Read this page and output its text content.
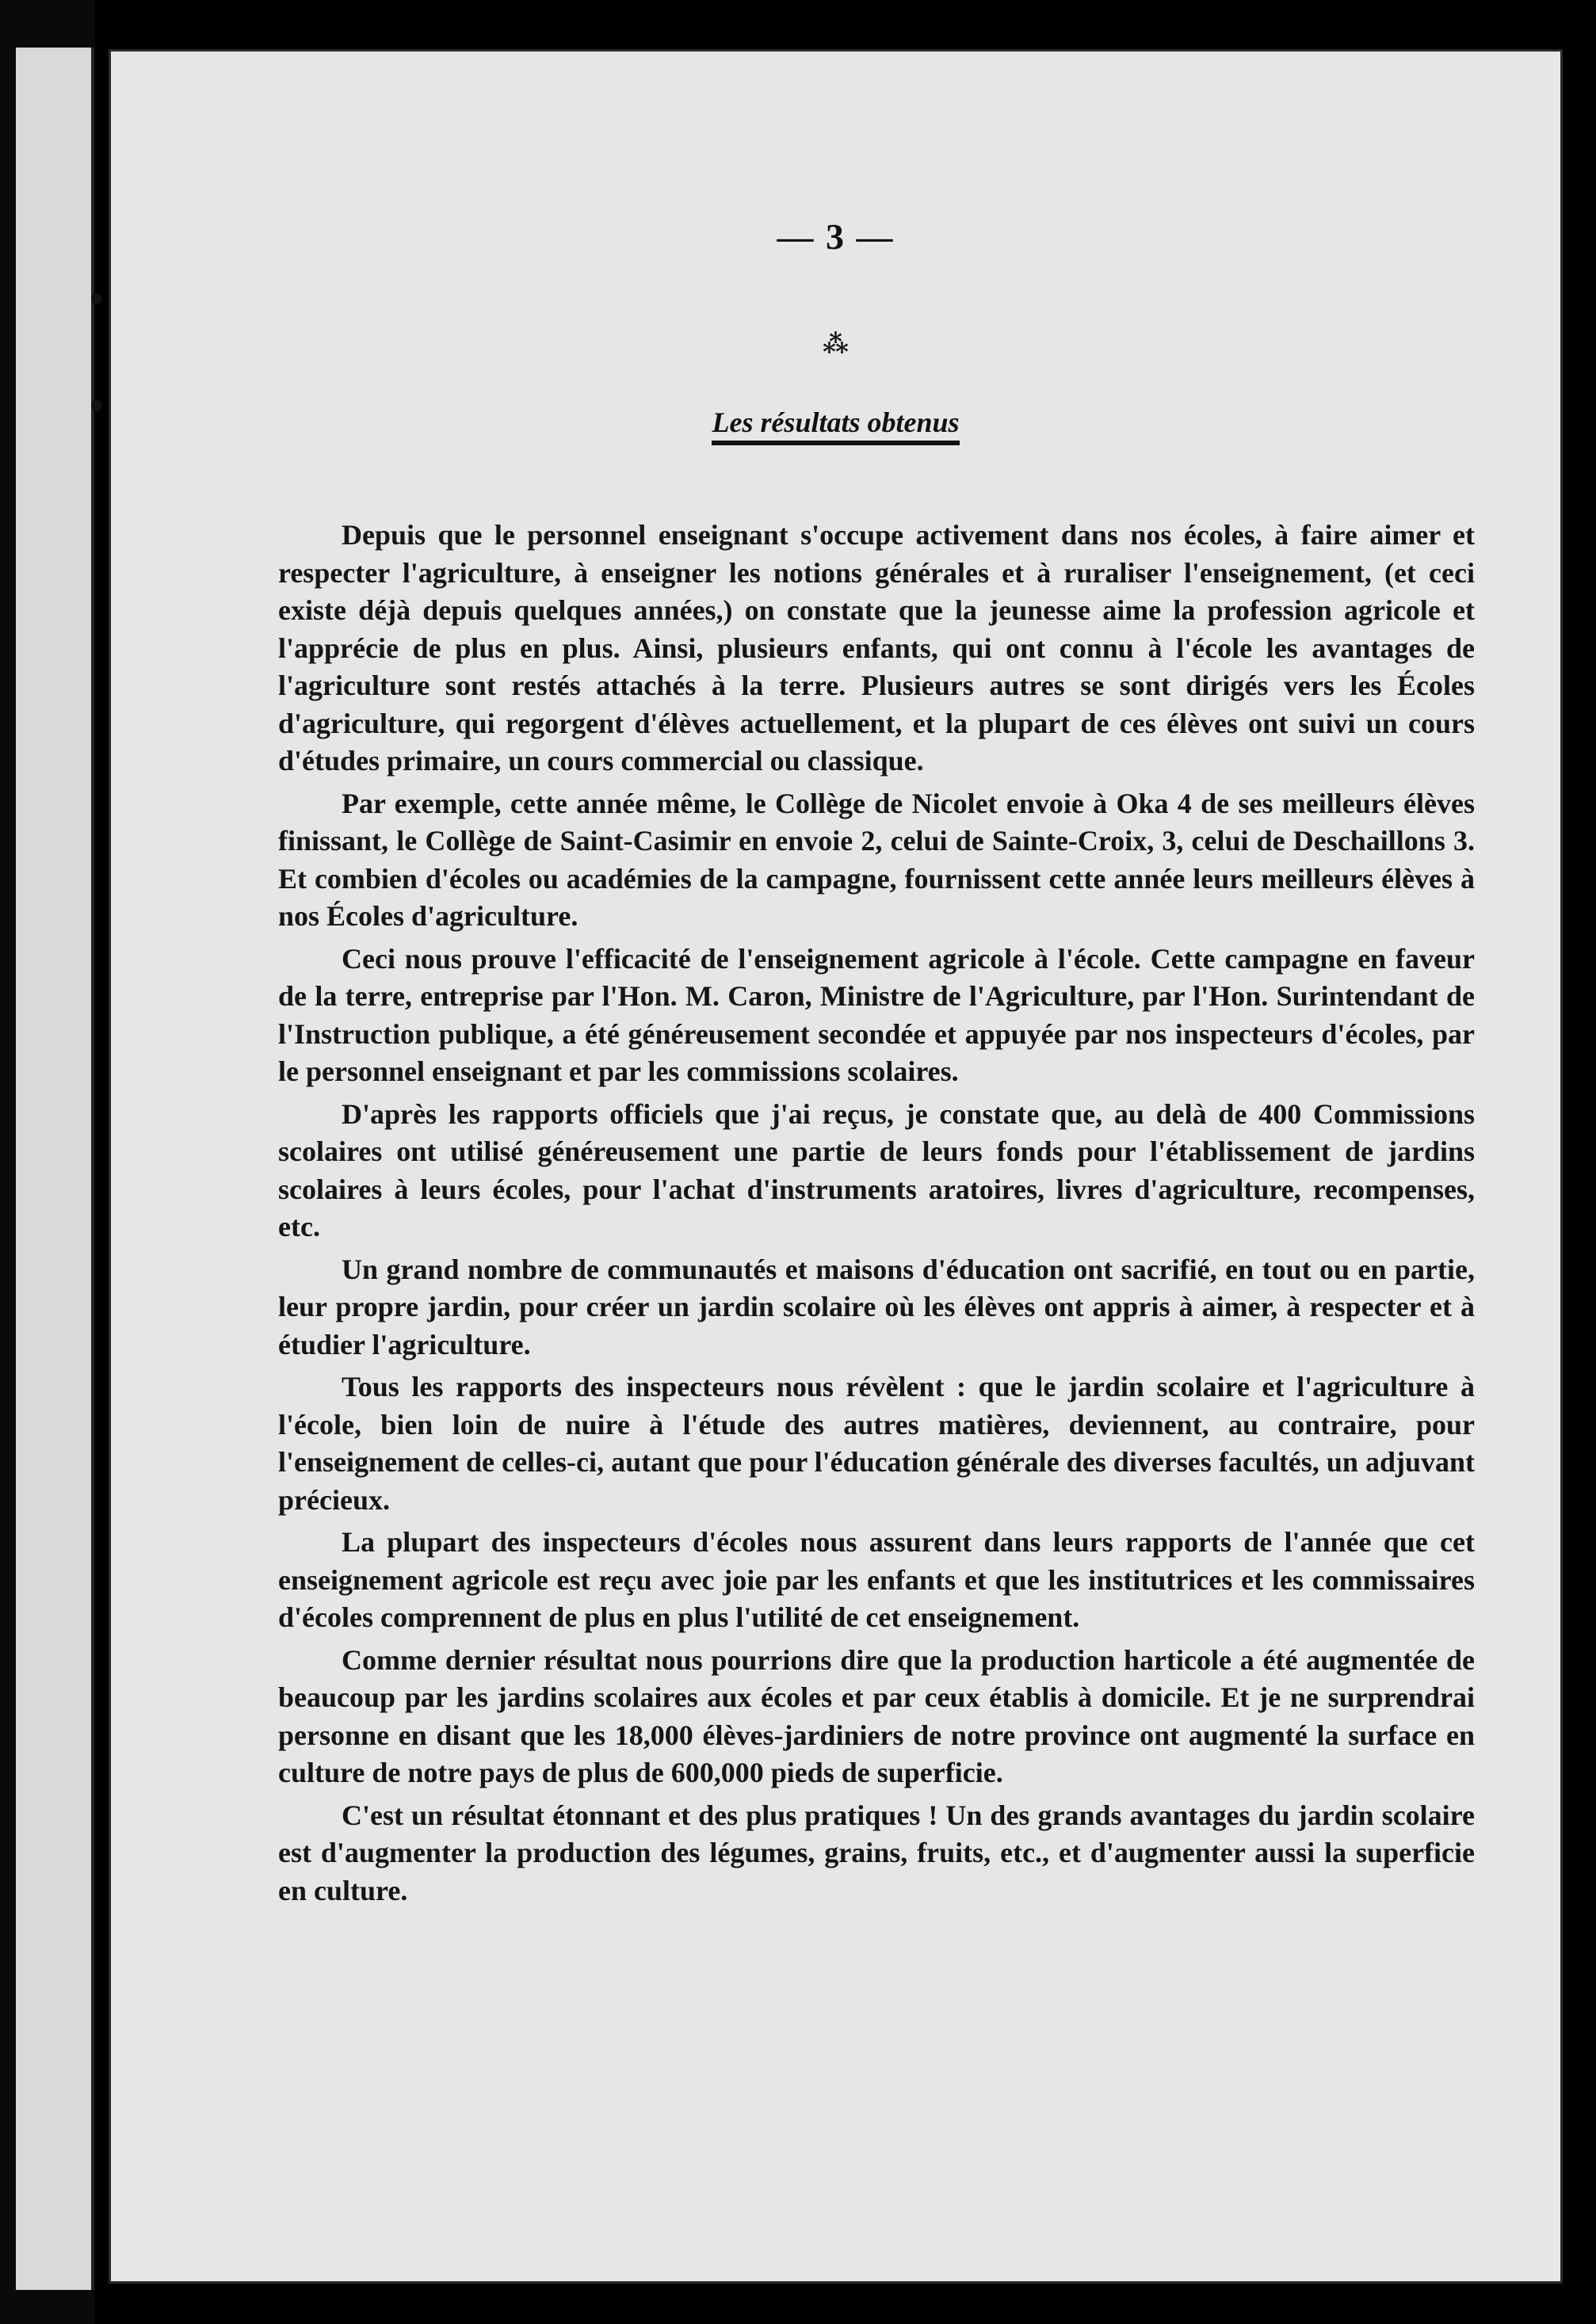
— 3 —
⁂
Les résultats obtenus

Depuis que le personnel enseignant s'occupe activement dans nos écoles, à faire aimer et respecter l'agriculture, à enseigner les notions générales et à ruraliser l'enseignement, (et ceci existe déjà depuis quelques années,) on constate que la jeunesse aime la profession agricole et l'apprécie de plus en plus. Ainsi, plusieurs enfants, qui ont connu à l'école les avantages de l'agriculture sont restés attachés à la terre. Plusieurs autres se sont dirigés vers les Écoles d'agriculture, qui regorgent d'élèves actuellement, et la plupart de ces élèves ont suivi un cours d'études primaire, un cours commercial ou classique.

Par exemple, cette année même, le Collège de Nicolet envoie à Oka 4 de ses meilleurs élèves finissant, le Collège de Saint-Casimir en envoie 2, celui de Sainte-Croix, 3, celui de Deschaillons 3. Et combien d'écoles ou académies de la campagne, fournissent cette année leurs meilleurs élèves à nos Écoles d'agriculture.

Ceci nous prouve l'efficacité de l'enseignement agricole à l'école. Cette campagne en faveur de la terre, entreprise par l'Hon. M. Caron, Ministre de l'Agriculture, par l'Hon. Surintendant de l'Instruction publique, a été généreusement secondée et appuyée par nos inspecteurs d'écoles, par le personnel enseignant et par les commissions scolaires.

D'après les rapports officiels que j'ai reçus, je constate que, au delà de 400 Commissions scolaires ont utilisé généreusement une partie de leurs fonds pour l'établissement de jardins scolaires à leurs écoles, pour l'achat d'instruments aratoires, livres d'agriculture, recompenses, etc.

Un grand nombre de communautés et maisons d'éducation ont sacrifié, en tout ou en partie, leur propre jardin, pour créer un jardin scolaire où les élèves ont appris à aimer, à respecter et à étudier l'agriculture.

Tous les rapports des inspecteurs nous révèlent : que le jardin scolaire et l'agriculture à l'école, bien loin de nuire à l'étude des autres matières, deviennent, au contraire, pour l'enseignement de celles-ci, autant que pour l'éducation générale des diverses facultés, un adjuvant précieux.

La plupart des inspecteurs d'écoles nous assurent dans leurs rapports de l'année que cet enseignement agricole est reçu avec joie par les enfants et que les institutrices et les commissaires d'écoles comprennent de plus en plus l'utilité de cet enseignement.

Comme dernier résultat nous pourrions dire que la production harticole a été augmentée de beaucoup par les jardins scolaires aux écoles et par ceux établis à domicile. Et je ne surprendrai personne en disant que les 18,000 élèves-jardiniers de notre province ont augmenté la surface en culture de notre pays de plus de 600,000 pieds de superficie.

C'est un résultat étonnant et des plus pratiques ! Un des grands avantages du jardin scolaire est d'augmenter la production des légumes, grains, fruits, etc., et d'augmenter aussi la superficie en culture.
